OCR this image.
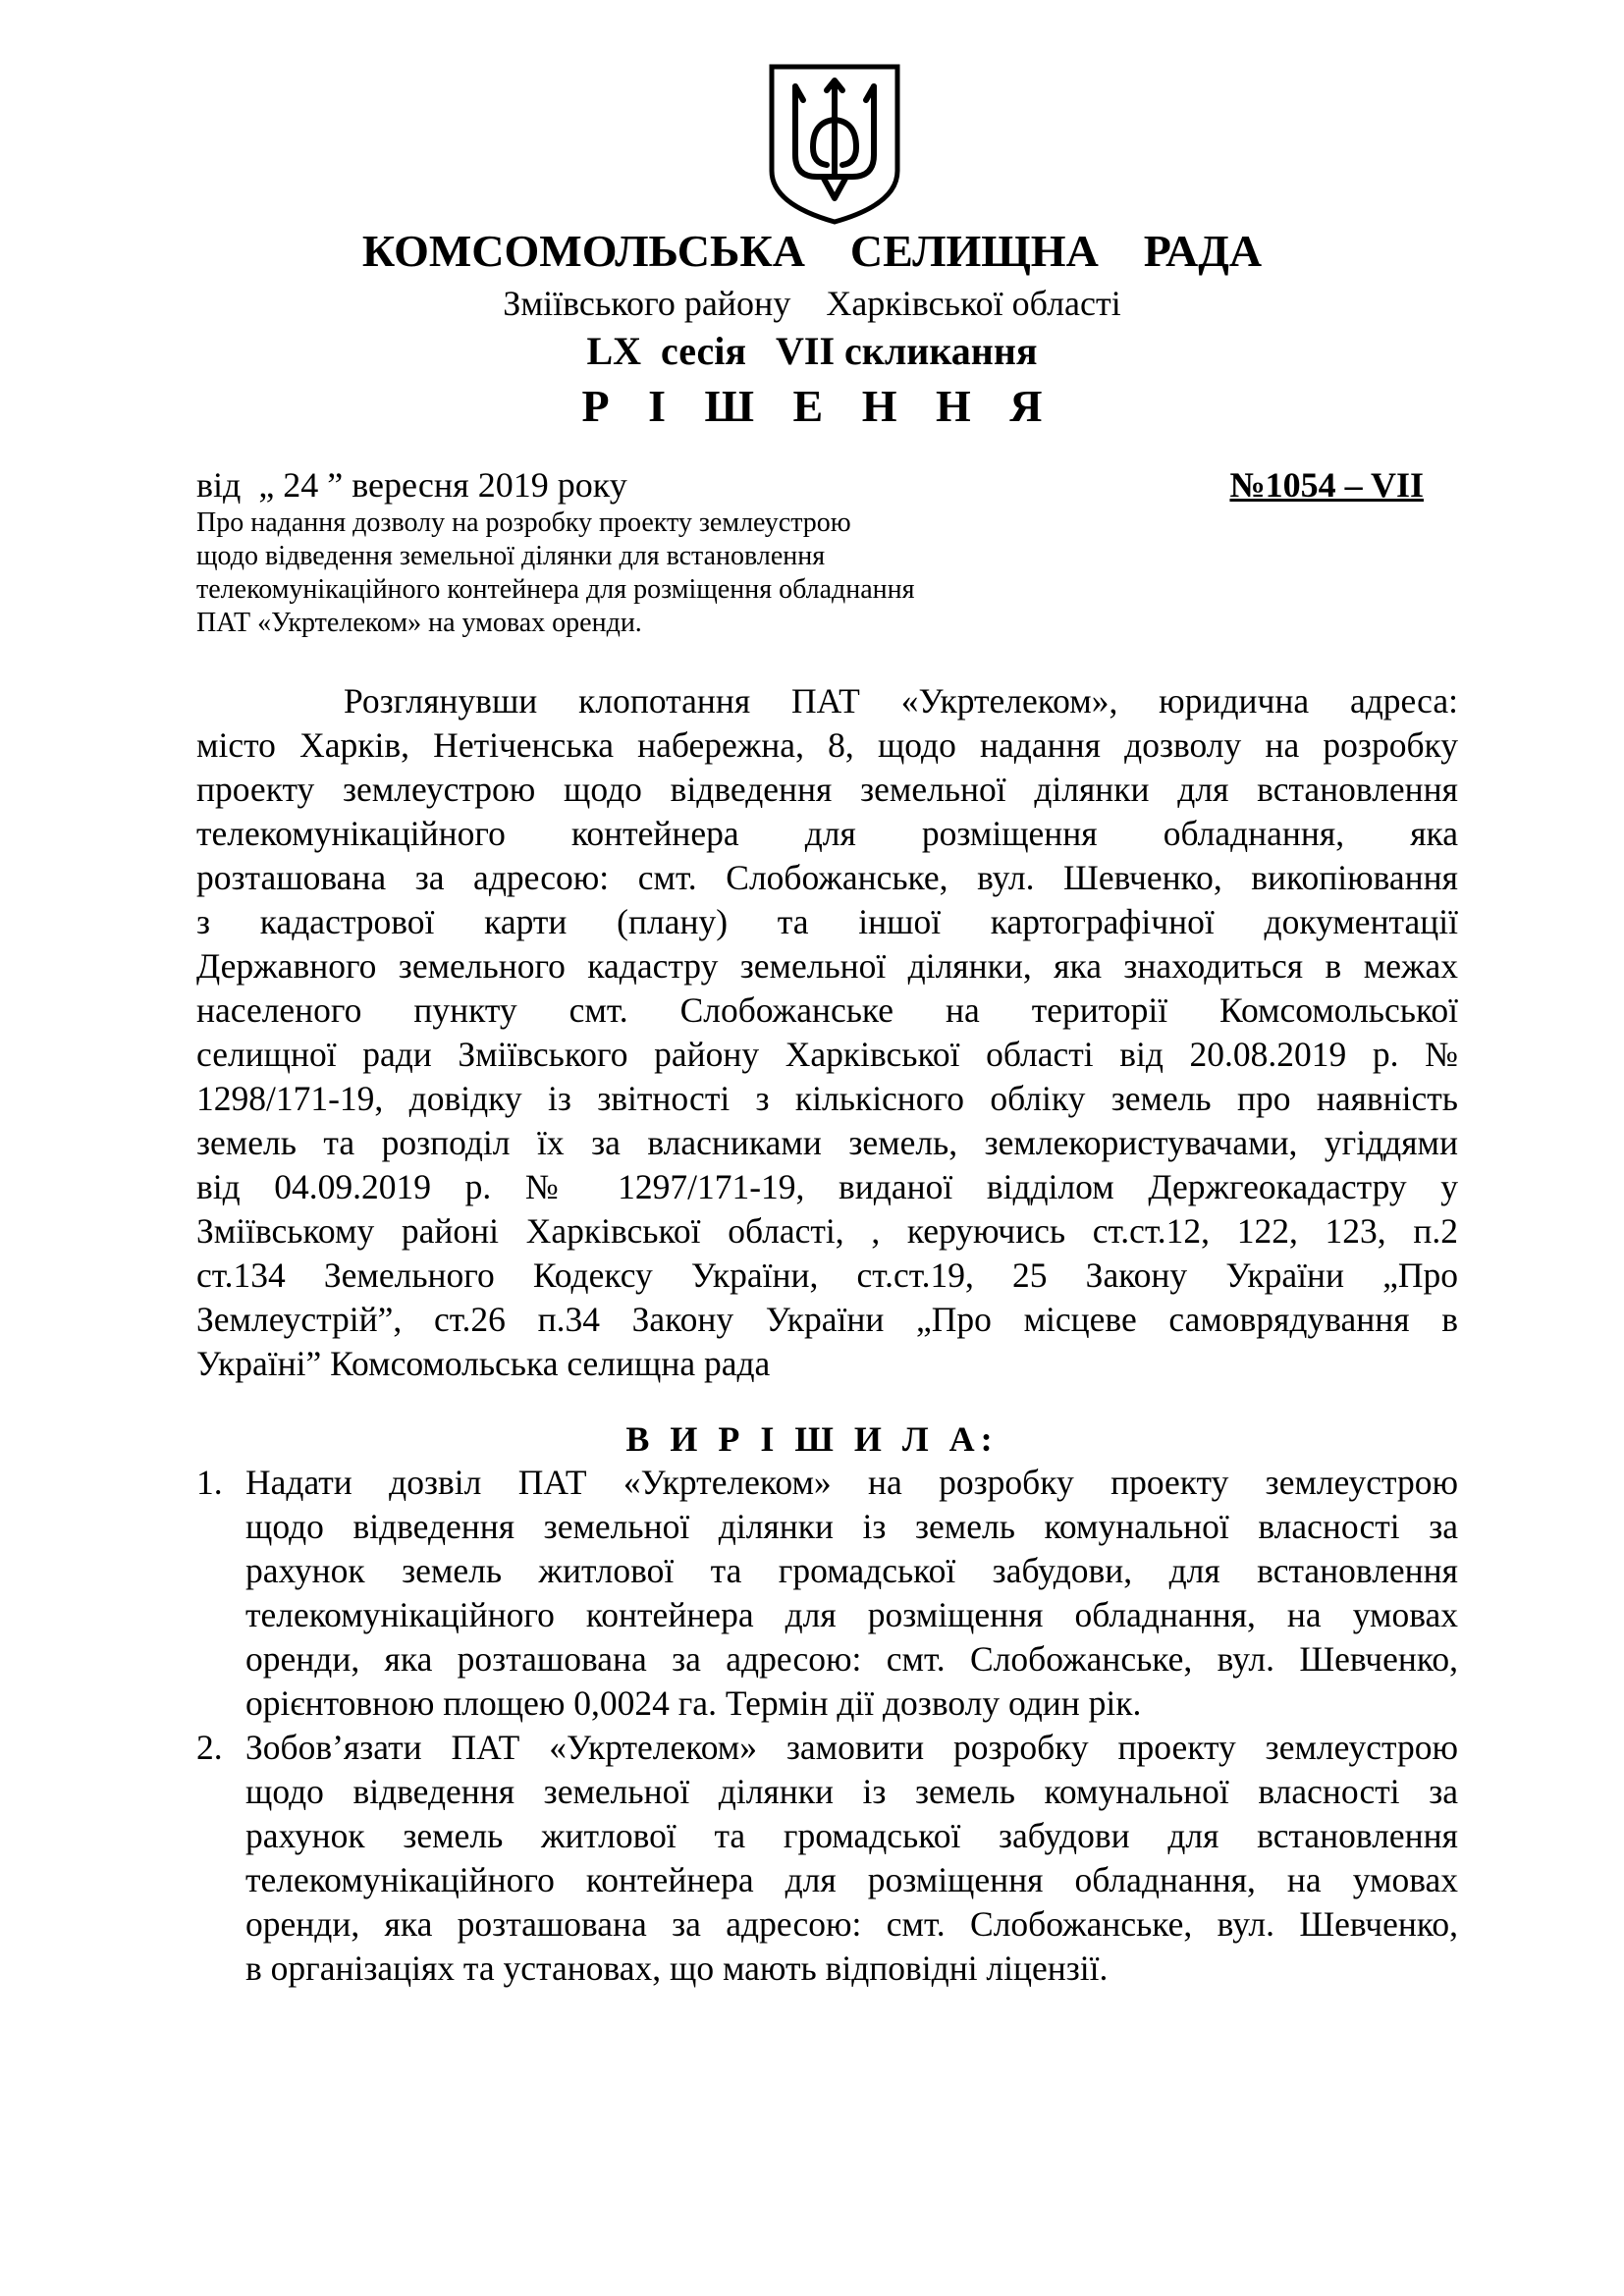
КОМСОМОЛЬСЬКА    СЕЛИЩНА    РАДА
Зміївського району    Харківської області
LX  сесія   VII скликання
Р І Ш Е Н Н Я
від  „ 24 ” вересня 2019 року	№1054 – VII
Про надання дозволу на розробку проекту землеустрою
щодо відведення земельної ділянки для встановлення
телекомунікаційного контейнера для розміщення обладнання
ПАТ «Укртелеком» на умовах оренди.
Розглянувши клопотання ПАТ «Укртелеком», юридична адреса:
місто Харків, Нетіченська набережна, 8, щодо надання дозволу на розробку
проекту землеустрою щодо відведення земельної ділянки для встановлення
телекомунікаційного контейнера для розміщення обладнання, яка
розташована за адресою: смт. Слобожанське, вул. Шевченко, викопіювання
з кадастрової карти (плану) та іншої картографічної документації
Державного земельного кадастру земельної ділянки, яка знаходиться в межах
населеного пункту смт. Слобожанське на території Комсомольської
селищної ради Зміївського району Харківської області від 20.08.2019 р. №
1298/171-19, довідку із звітності з кількісного обліку земель про наявність
земель та розподіл їх за власниками земель, землекористувачами, угіддями
від 04.09.2019 р. № 1297/171-19, виданої відділом Держгеокадастру у
Зміївському районі Харківської області, , керуючись ст.ст.12, 122, 123, п.2
ст.134 Земельного Кодексу України, ст.ст.19, 25 Закону України „Про
Землеустрій”, ст.26 п.34 Закону України „Про місцеве самоврядування в
Україні” Комсомольська селищна рада
В И Р І Ш И Л А:
1. Надати дозвіл ПАТ «Укртелеком» на розробку проекту землеустрою
щодо відведення земельної ділянки із земель комунальної власності за
рахунок земель житлової та громадської забудови, для встановлення
телекомунікаційного контейнера для розміщення обладнання, на умовах
оренди, яка розташована за адресою: смт. Слобожанське, вул. Шевченко,
орієнтовною площею 0,0024 га. Термін дії дозволу один рік.
2. Зобов’язати ПАТ «Укртелеком» замовити розробку проекту землеустрою
щодо відведення земельної ділянки із земель комунальної власності за
рахунок земель житлової та громадської забудови для встановлення
телекомунікаційного контейнера для розміщення обладнання, на умовах
оренди, яка розташована за адресою: смт. Слобожанське, вул. Шевченко,
в організаціях та установах, що мають відповідні ліцензії.
